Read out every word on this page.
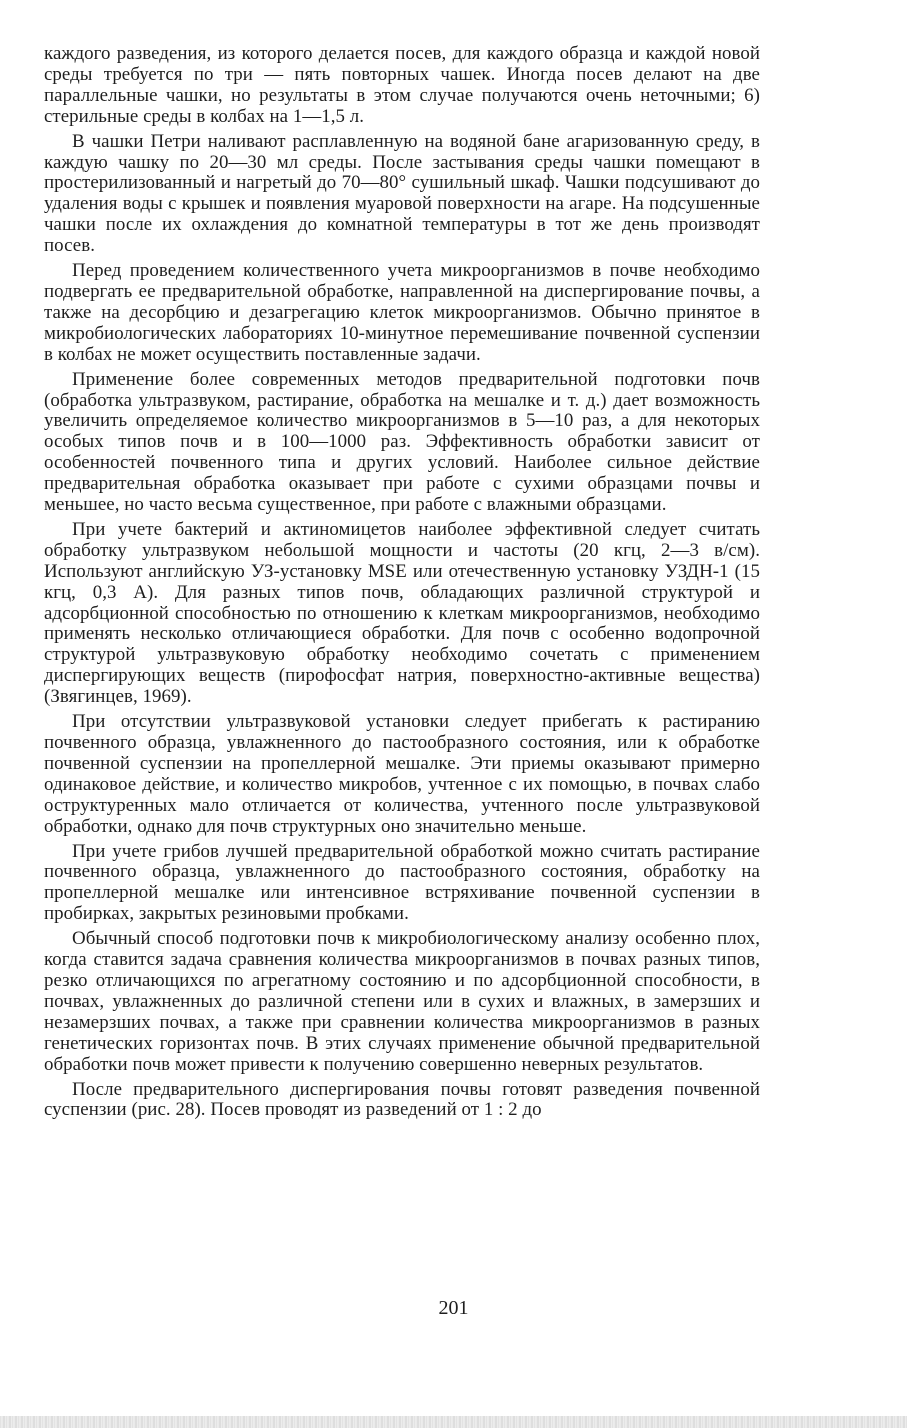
каждого разведения, из которого делается посев, для каждого образца и каждой новой среды требуется по три — пять повторных чашек. Иногда посев делают на две параллельные чашки, но результаты в этом случае получаются очень неточными; 6) стерильные среды в колбах на 1—1,5 л.

В чашки Петри наливают расплавленную на водяной бане агаризованную среду, в каждую чашку по 20—30 мл среды. После застывания среды чашки помещают в простерилизованный и нагретый до 70—80° сушильный шкаф. Чашки подсушивают до удаления воды с крышек и появления муаровой поверхности на агаре. На подсушенные чашки после их охлаждения до комнатной температуры в тот же день производят посев.

Перед проведением количественного учета микроорганизмов в почве необходимо подвергать ее предварительной обработке, направленной на диспергирование почвы, а также на десорбцию и дезагрегацию клеток микроорганизмов. Обычно принятое в микробиологических лабораториях 10-минутное перемешивание почвенной суспензии в колбах не может осуществить поставленные задачи.

Применение более современных методов предварительной подготовки почв (обработка ультразвуком, растирание, обработка на мешалке и т. д.) дает возможность увеличить определяемое количество микроорганизмов в 5—10 раз, а для некоторых особых типов почв и в 100—1000 раз. Эффективность обработки зависит от особенностей почвенного типа и других условий. Наиболее сильное действие предварительная обработка оказывает при работе с сухими образцами почвы и меньшее, но часто весьма существенное, при работе с влажными образцами.

При учете бактерий и актиномицетов наиболее эффективной следует считать обработку ультразвуком небольшой мощности и частоты (20 кгц, 2—3 в/см). Используют английскую УЗ-установку MSE или отечественную установку УЗДН-1 (15 кгц, 0,3 А). Для разных типов почв, обладающих различной структурой и адсорбционной способностью по отношению к клеткам микроорганизмов, необходимо применять несколько отличающиеся обработки. Для почв с особенно водопрочной структурой ультразвуковую обработку необходимо сочетать с применением диспергирующих веществ (пирофосфат натрия, поверхностно-активные вещества) (Звягинцев, 1969).

При отсутствии ультразвуковой установки следует прибегать к растиранию почвенного образца, увлажненного до пастообразного состояния, или к обработке почвенной суспензии на пропеллерной мешалке. Эти приемы оказывают примерно одинаковое действие, и количество микробов, учтенное с их помощью, в почвах слабо оструктуренных мало отличается от количества, учтенного после ультразвуковой обработки, однако для почв структурных оно значительно меньше.

При учете грибов лучшей предварительной обработкой можно считать растирание почвенного образца, увлажненного до пастообразного состояния, обработку на пропеллерной мешалке или интенсивное встряхивание почвенной суспензии в пробирках, закрытых резиновыми пробками.

Обычный способ подготовки почв к микробиологическому анализу особенно плох, когда ставится задача сравнения количества микроорганизмов в почвах разных типов, резко отличающихся по агрегатному состоянию и по адсорбционной способности, в почвах, увлажненных до различной степени или в сухих и влажных, в замерзших и незамерзших почвах, а также при сравнении количества микроорганизмов в разных генетических горизонтах почв. В этих случаях применение обычной предварительной обработки почв может привести к получению совершенно неверных результатов.

После предварительного диспергирования почвы готовят разведения почвенной суспензии (рис. 28). Посев проводят из разведений от 1 : 2 до

201
